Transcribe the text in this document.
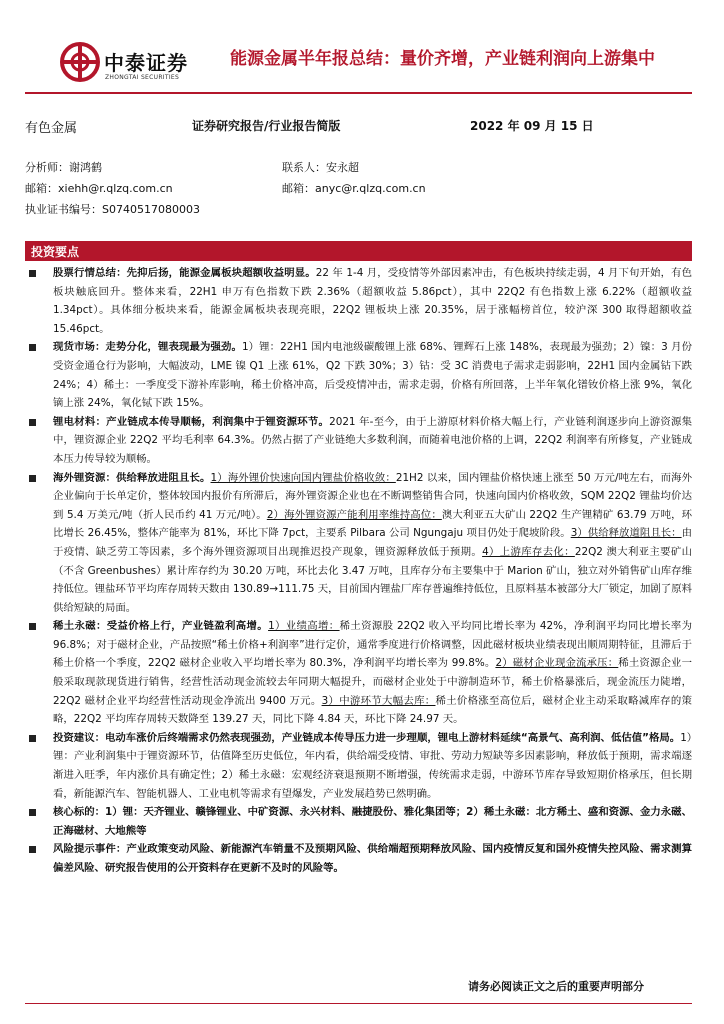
中泰证券
ZHONGTAI SECURITIES
能源金属半年报总结：量价齐增，产业链利润向上游集中
有色金属	证券研究报告/行业报告简版	2022 年 09 月 15 日
分析师：谢鸿鹤
邮箱：xiehh@r.qlzq.com.cn
执业证书编号：S0740517080003
联系人：安永超
邮箱：anyc@r.qlzq.com.cn
投资要点
股票行情总结：先抑后扬，能源金属板块超额收益明显。22 年 1-4 月，受疫情等外部因素冲击，有色板块持续走弱，4 月下旬开始，有色板块触底回升。整体来看，22H1 申万有色指数下跌 2.36%（超额收益 5.86pct），其中 22Q2 有色指数上涨 6.22%（超额收益 1.34pct）。具体细分板块来看，能源金属板块表现亮眼，22Q2 锂板块上涨 20.35%，居于涨幅榜首位，较沪深 300 取得超额收益 15.46pct。
现货市场：走势分化，锂表现最为强劲。1）锂：22H1 国内电池级碳酸锂上涨 68%、锂辉石上涨 148%，表现最为强劲；2）镍：3 月份受资金通仓行为影响，大幅波动，LME 镍 Q1 上涨 61%，Q2 下跌 30%；3）钴：受 3C 消费电子需求走弱影响，22H1 国内金属钴下跌 24%；4）稀土：一季度受下游补库影响，稀土价格冲高，后受疫情冲击，需求走弱，价格有所回落，上半年氧化镨钕价格上涨 9%，氧化镝上涨 24%，氧化铽下跌 15%。
锂电材料：产业链成本传导顺畅，利润集中于锂资源环节。2021 年-至今，由于上游原材料价格大幅上行，产业链利润逐步向上游资源集中，锂资源企业 22Q2 平均毛利率 64.3%。仍然占据了产业链绝大多数利润，而随着电池价格的上调，22Q2 利润率有所修复，产业链成本压力传导较为顺畅。
海外锂资源：供给释放进阻且长。1）海外锂价快速向国内锂盐价格收敛：21H2 以来，国内锂盐价格快速上涨至 50 万元/吨左右，而海外企业偏向于长单定价，整体较国内报价有所滞后，海外锂资源企业也在不断调整销售合同，快速向国内价格收敛，SQM 22Q2 锂盐均价达到 5.4 万美元/吨（折人民币约 41 万元/吨）。2）海外锂资源产能利用率维持高位：澳大利亚五大矿山 22Q2 生产锂精矿 63.79 万吨，环比增长 26.45%，整体产能率为 81%，环比下降 7pct，主要系 Pilbara 公司 Ngungaju 项目仍处于爬坡阶段。3）供给释放道阻且长：由于疫情、缺乏劳工等因素，多个海外锂资源项目出现推迟投产现象，锂资源释放低于预期。4）上游库存去化：22Q2 澳大利亚主要矿山（不含 Greenbushes）累计库存约为 30.20 万吨，环比去化 3.47 万吨，且库存分布主要集中于 Marion 矿山，独立对外销售矿山库存维持低位。锂盐环节平均库存周转天数由 130.89→111.75 天，目前国内锂盐厂库存普遍维持低位，且原料基本被部分大厂锁定，加剧了原料供给短缺的局面。
稀土永磁：受益价格上行，产业链盈利高增。1）业绩高增：稀土资源股 22Q2 收入平均同比增长率为 42%，净利润平均同比增长率为 96.8%；对于磁材企业，产品按照“稀土价格+利润率”进行定价，通常季度进行价格调整，因此磁材板块业绩表现出顺周期特征，且滞后于稀土价格一个季度，22Q2 磁材企业收入平均增长率为 80.3%，净利润平均增长率为 99.8%。2）磁材企业现金流承压：稀土资源企业一般采取现款现货进行销售，经营性活动现金流较去年同期大幅提升，而磁材企业处于中游制造环节，稀土价格暴涨后，现金流压力陡增，22Q2 磁材企业平均经营性活动现金净流出 9400 万元。3）中游环节大幅去库：稀土价格涨至高位后，磁材企业主动采取略减库存的策略，22Q2 平均库存周转天数降至 139.27 天，同比下降 4.84 天，环比下降 24.97 天。
投资建议：电动车涨价后终端需求仍然表现强劲，产业链成本传导压力进一步理顺，锂电上游材料延续“高景气、高利润、低估值”格局。1）锂：产业利润集中于锂资源环节，估值降至历史低位，年内看，供给端受疫情、审批、劳动力短缺等多因素影响，释放低于预期，需求端逐渐进入旺季，年内涨价具有确定性；2）稀土永磁：宏观经济衰退预期不断增强，传统需求走弱，中游环节库存导致短期价格承压，但长期看，新能源汽车、智能机器人、工业电机等需求有望爆发，产业发展趋势已然明确。
核心标的：1）锂：天齐锂业、赣锋锂业、中矿资源、永兴材料、融捷股份、雅化集团等；2）稀土永磁：北方稀土、盛和资源、金力永磁、正海磁材、大地熊等
风险提示事件：产业政策变动风险、新能源汽车销量不及预期风险、供给端超预期释放风险、国内疫情反复和国外疫情失控风险、需求测算偏差风险、研究报告使用的公开资料存在更新不及时的风险等。
请务必阅读正文之后的重要声明部分
